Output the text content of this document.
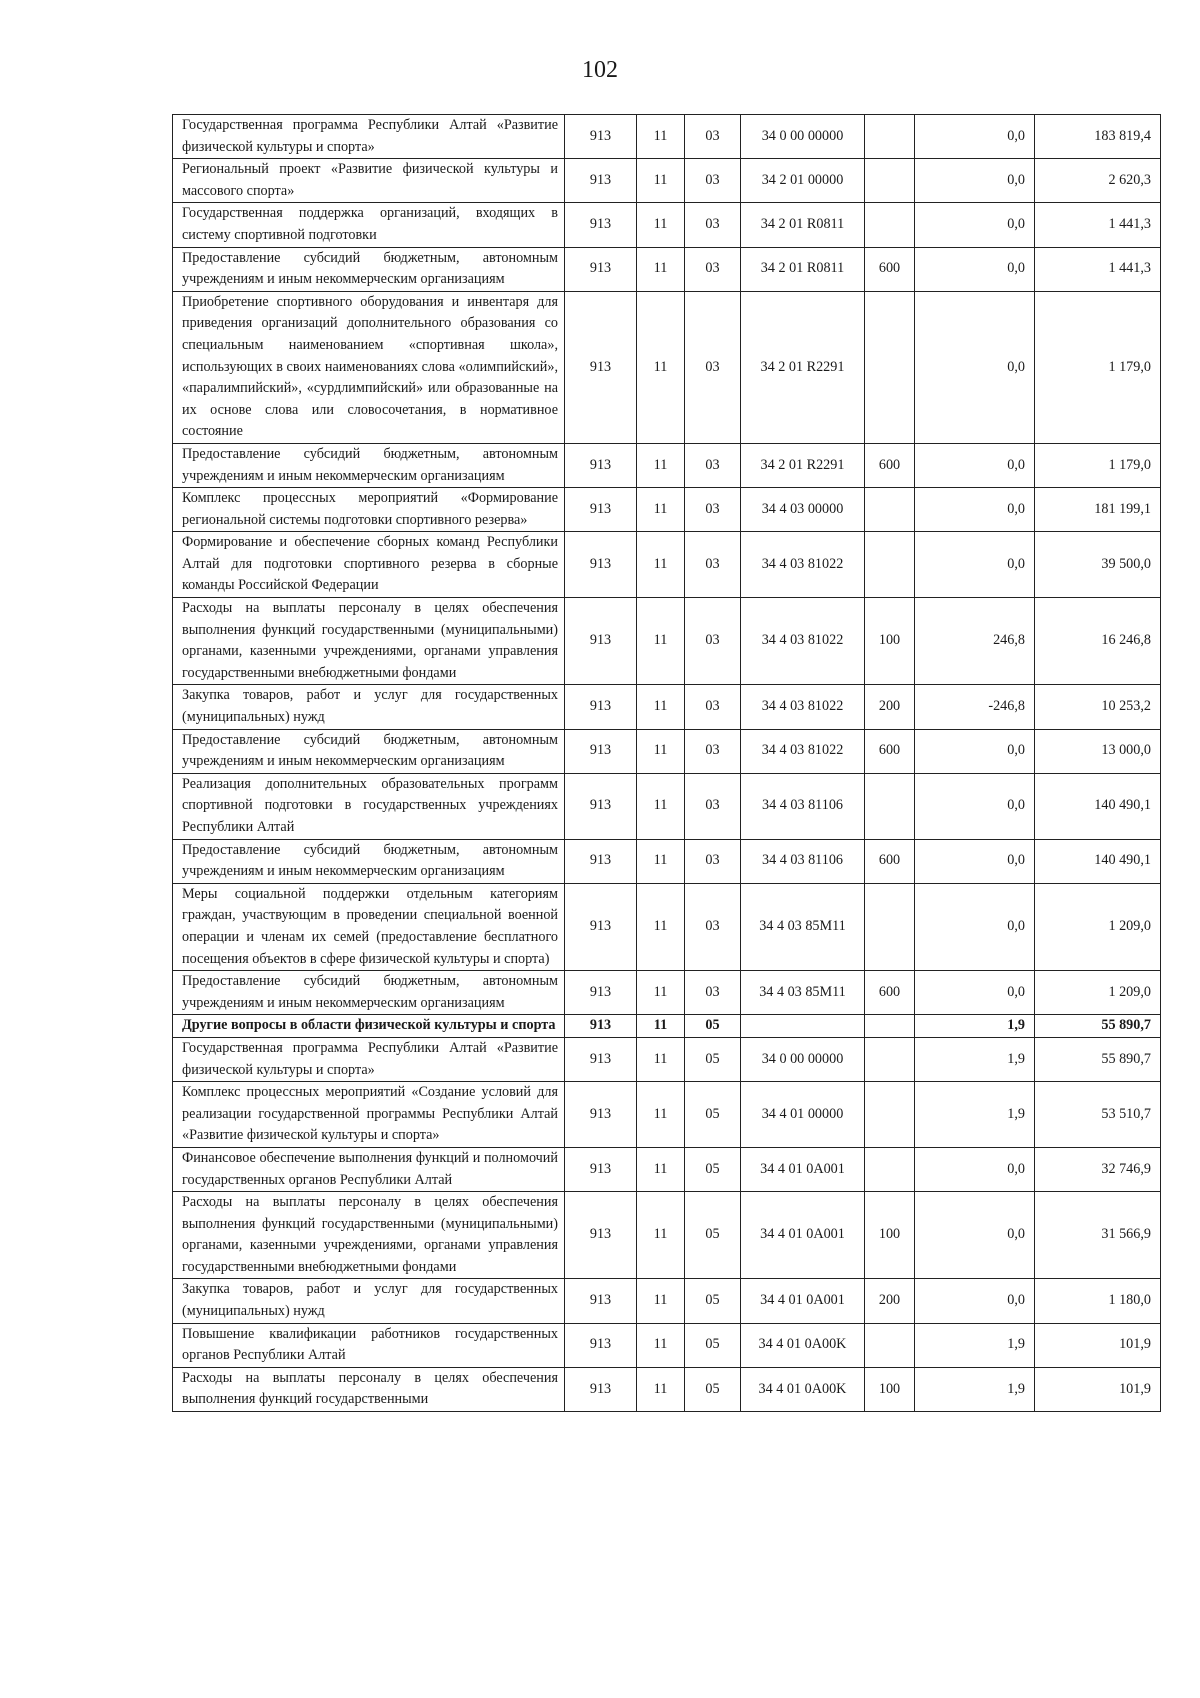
102
Государственная программа Республики Алтай «Развитие физической культуры и спорта»	913	11	03	34 0 00 00000		0,0	183 819,4
Региональный проект «Развитие физической культуры и массового спорта»	913	11	03	34 2 01 00000		0,0	2 620,3
Государственная поддержка организаций, входящих в систему спортивной подготовки	913	11	03	34 2 01 R0811		0,0	1 441,3
Предоставление субсидий бюджетным, автономным учреждениям и иным некоммерческим организациям	913	11	03	34 2 01 R0811	600	0,0	1 441,3
Приобретение спортивного оборудования и инвентаря для приведения организаций дополнительного образования со специальным наименованием «спортивная школа», использующих в своих наименованиях слова «олимпийский», «паралимпийский», «сурдлимпийский» или образованные на их основе слова или словосочетания, в нормативное состояние	913	11	03	34 2 01 R2291		0,0	1 179,0
Предоставление субсидий бюджетным, автономным учреждениям и иным некоммерческим организациям	913	11	03	34 2 01 R2291	600	0,0	1 179,0
Комплекс процессных мероприятий «Формирование региональной системы подготовки спортивного резерва»	913	11	03	34 4 03 00000		0,0	181 199,1
Формирование и обеспечение сборных команд Республики Алтай для подготовки спортивного резерва в сборные команды Российской Федерации	913	11	03	34 4 03 81022		0,0	39 500,0
Расходы на выплаты персоналу в целях обеспечения выполнения функций государственными (муниципальными) органами, казенными учреждениями, органами управления государственными внебюджетными фондами	913	11	03	34 4 03 81022	100	246,8	16 246,8
Закупка товаров, работ и услуг для государственных (муниципальных) нужд	913	11	03	34 4 03 81022	200	-246,8	10 253,2
Предоставление субсидий бюджетным, автономным учреждениям и иным некоммерческим организациям	913	11	03	34 4 03 81022	600	0,0	13 000,0
Реализация дополнительных образовательных программ спортивной подготовки в государственных учреждениях Республики Алтай	913	11	03	34 4 03 81106		0,0	140 490,1
Предоставление субсидий бюджетным, автономным учреждениям и иным некоммерческим организациям	913	11	03	34 4 03 81106	600	0,0	140 490,1
Меры социальной поддержки отдельным категориям граждан, участвующим в проведении специальной военной операции и членам их семей (предоставление бесплатного посещения объектов в сфере физической культуры и спорта)	913	11	03	34 4 03 85M11		0,0	1 209,0
Предоставление субсидий бюджетным, автономным учреждениям и иным некоммерческим организациям	913	11	03	34 4 03 85M11	600	0,0	1 209,0
Другие вопросы в области физической культуры и спорта	913	11	05			1,9	55 890,7
Государственная программа Республики Алтай «Развитие физической культуры и спорта»	913	11	05	34 0 00 00000		1,9	55 890,7
Комплекс процессных мероприятий «Создание условий для реализации государственной программы Республики Алтай «Развитие физической культуры и спорта»	913	11	05	34 4 01 00000		1,9	53 510,7
Финансовое обеспечение выполнения функций и полномочий государственных органов Республики Алтай	913	11	05	34 4 01 0A001		0,0	32 746,9
Расходы на выплаты персоналу в целях обеспечения выполнения функций государственными (муниципальными) органами, казенными учреждениями, органами управления государственными внебюджетными фондами	913	11	05	34 4 01 0A001	100	0,0	31 566,9
Закупка товаров, работ и услуг для государственных (муниципальных) нужд	913	11	05	34 4 01 0A001	200	0,0	1 180,0
Повышение квалификации работников государственных органов Республики Алтай	913	11	05	34 4 01 0A00K		1,9	101,9
Расходы на выплаты персоналу в целях обеспечения выполнения функций государственными	913	11	05	34 4 01 0A00K	100	1,9	101,9
